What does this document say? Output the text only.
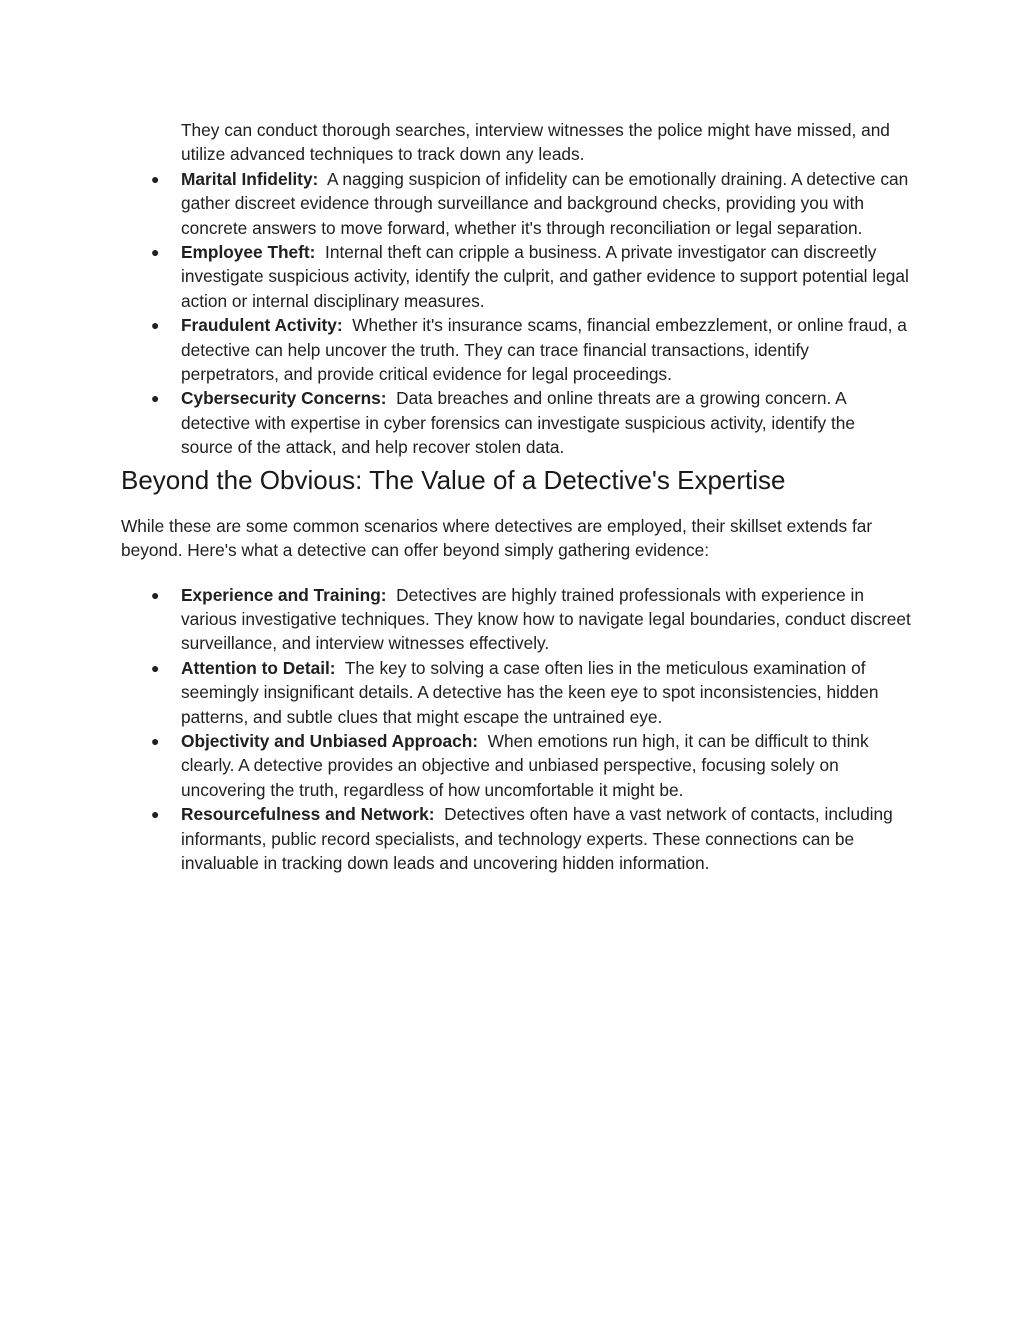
They can conduct thorough searches, interview witnesses the police might have missed, and utilize advanced techniques to track down any leads.

● Marital Infidelity: A nagging suspicion of infidelity can be emotionally draining. A detective can gather discreet evidence through surveillance and background checks, providing you with concrete answers to move forward, whether it's through reconciliation or legal separation.
● Employee Theft: Internal theft can cripple a business. A private investigator can discreetly investigate suspicious activity, identify the culprit, and gather evidence to support potential legal action or internal disciplinary measures.
● Fraudulent Activity: Whether it's insurance scams, financial embezzlement, or online fraud, a detective can help uncover the truth. They can trace financial transactions, identify perpetrators, and provide critical evidence for legal proceedings.
● Cybersecurity Concerns: Data breaches and online threats are a growing concern. A detective with expertise in cyber forensics can investigate suspicious activity, identify the source of the attack, and help recover stolen data.
Beyond the Obvious: The Value of a Detective's Expertise

While these are some common scenarios where detectives are employed, their skillset extends far beyond. Here's what a detective can offer beyond simply gathering evidence:

● Experience and Training: Detectives are highly trained professionals with experience in various investigative techniques. They know how to navigate legal boundaries, conduct discreet surveillance, and interview witnesses effectively.
● Attention to Detail: The key to solving a case often lies in the meticulous examination of seemingly insignificant details. A detective has the keen eye to spot inconsistencies, hidden patterns, and subtle clues that might escape the untrained eye.
● Objectivity and Unbiased Approach: When emotions run high, it can be difficult to think clearly. A detective provides an objective and unbiased perspective, focusing solely on uncovering the truth, regardless of how uncomfortable it might be.
● Resourcefulness and Network: Detectives often have a vast network of contacts, including informants, public record specialists, and technology experts. These connections can be invaluable in tracking down leads and uncovering hidden information.
